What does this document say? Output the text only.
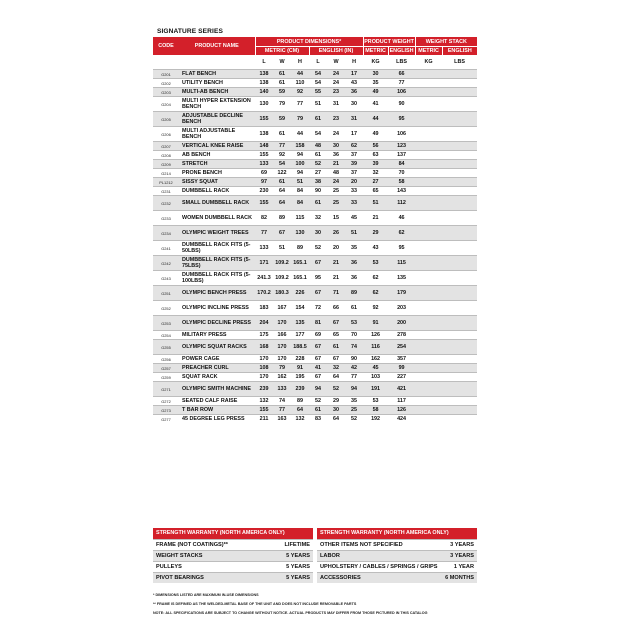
SIGNATURE SERIES
CODE	PRODUCT NAME	PRODUCT DIMENSIONS*						PRODUCT WEIGHT		WEIGHT STACK	
		METRIC (CM)			ENGLISH (IN)			METRIC	ENGLISH	METRIC	ENGLISH
		L	W	H	L	W	H	KG	LBS	KG	LBS
G201	FLAT BENCH	138	61	44	54	24	17	30	66		
G202	UTILITY BENCH	138	61	110	54	24	43	35	77		
G203	MULTI-AB BENCH	140	59	92	55	23	36	49	106		
G204	MULTI HYPER EXTENSION BENCH	130	79	77	51	31	30	41	90		
G205	ADJUSTABLE DECLINE BENCH	155	59	79	61	23	31	44	95		
G206	MULTI ADJUSTABLE BENCH	138	61	44	54	24	17	49	106		
G207	VERTICAL KNEE RAISE	148	77	158	48	30	62	56	123		
G208	AB BENCH	155	92	94	61	36	37	63	137		
G209	STRETCH	133	54	100	52	21	39	39	84		
G214	PRONE BENCH	69	122	94	27	48	37	32	70		
PL1212	SISSY SQUAT	97	61	51	38	24	20	27	58		
G231	DUMBBELL RACK	230	64	84	90	25	33	65	143		
G232	SMALL DUMBBELL RACK	155	64	84	61	25	33	51	112		
G233	WOMEN DUMBBELL RACK	82	89	115	32	15	45	21	46		
G234	OLYMPIC WEIGHT TREES	77	67	130	30	26	51	29	62		
G241	DUMBBELL RACK FITS (5-50LBS)	133	51	89	52	20	35	43	95		
G242	DUMBBELL RACK FITS (5-75LBS)	171	109.2	165.1	67	21	36	53	115		
G243	DUMBBELL RACK FITS (5-100LBS)	241.3	109.2	165.1	95	21	36	62	135		
G251	OLYMPIC BENCH PRESS	170.2	180.3	226	67	71	89	62	179		
G252	OLYMPIC INCLINE PRESS	183	167	154	72	66	61	92	203		
G253	OLYMPIC DECLINE PRESS	204	170	135	81	67	53	91	200		
G254	MILITARY PRESS	175	166	177	69	65	70	126	278		
G255	OLYMPIC SQUAT RACKS	168	170	188.5	67	61	74	116	254		
G256	POWER CAGE	170	170	228	67	67	90	162	357		
G257	PREACHER CURL	108	79	91	41	32	42	45	99		
G259	SQUAT RACK	170	162	195	67	64	77	103	227		
G271	OLYMPIC SMITH MACHINE	239	133	239	94	52	94	191	421		
G272	SEATED CALF RAISE	132	74	89	52	29	35	53	117		
G273	T BAR ROW	155	77	64	61	30	25	58	126		
G277	45 DEGREE LEG PRESS	211	163	132	83	64	52	192	424		
STRENGTH WARRANTY (NORTH AMERICA ONLY)	STRENGTH WARRANTY (NORTH AMERICA ONLY)
FRAME (NOT COATINGS)**	LIFETIME
WEIGHT STACKS	5 YEARS
PULLEYS	5 YEARS
PIVOT BEARINGS	5 YEARS
OTHER ITEMS NOT SPECIFIED	3 YEARS
LABOR	3 YEARS
UPHOLSTERY / CABLES / SPRINGS / GRIPS	1 YEAR
ACCESSORIES	6 MONTHS
* DIMENSIONS LISTED ARE MAXIMUM IN-USE DIMENSIONS
** FRAME IS DEFINED AS THE WELDED-METAL BASE OF THE UNIT AND DOES NOT INCLUDE REMOVABLE PARTS
NOTE: ALL SPECIFICATIONS ARE SUBJECT TO CHANGE WITHOUT NOTICE. ACTUAL PRODUCTS MAY DIFFER FROM THOSE PICTURED IN THIS CATALOG
